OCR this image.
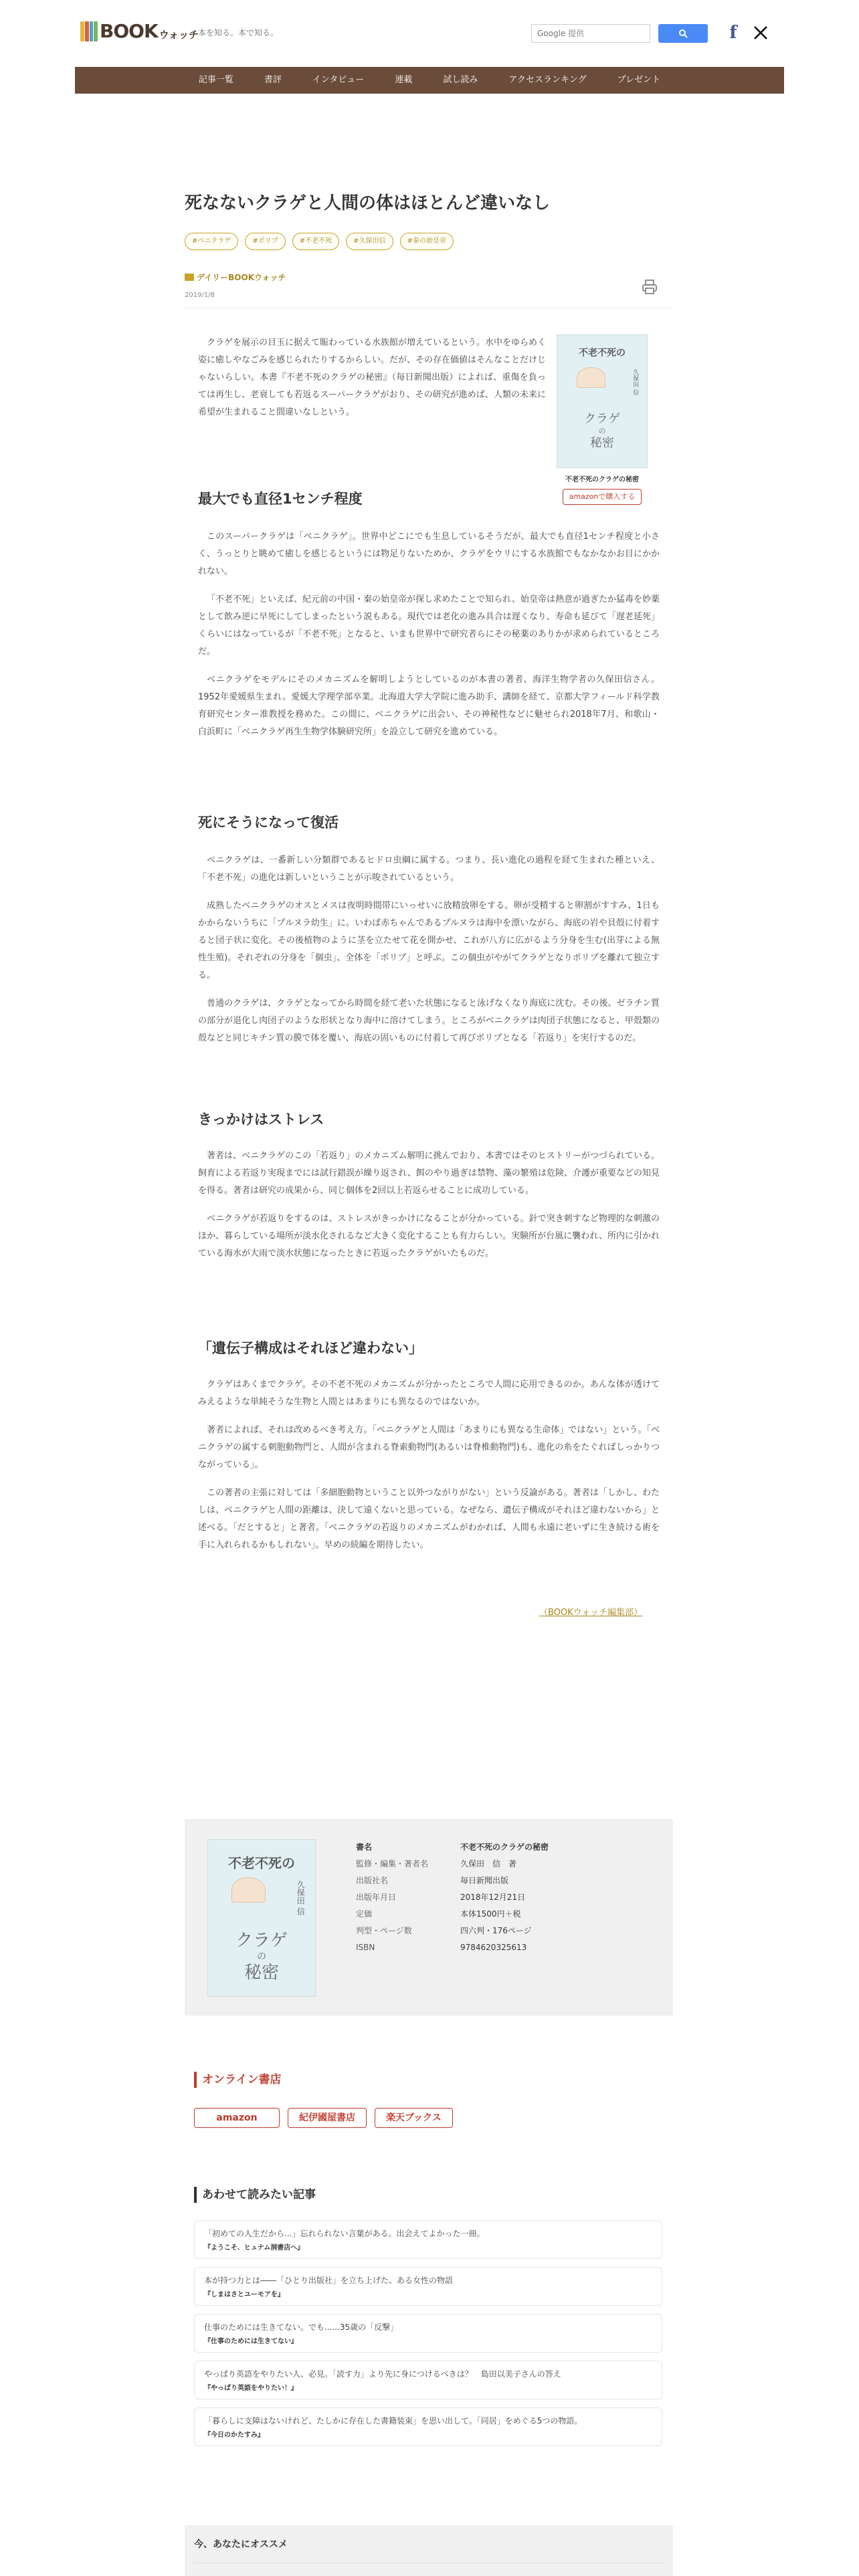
BOOK ウォッチ
本を知る。本で知る。
Google 提供	f
記事一覧	書評	インタビュー	連載	試し読み	アクセスランキング	プレゼント
死なないクラゲと人間の体はほとんど違いなし
#ベニクラゲ	#ポリプ	#不老不死	#久保田信	#秦の始皇帝
デイリーBOOKウォッチ
2019/1/8

クラゲを展示の目玉に据えて賑わっている水族館が増えているという。水中をゆらめく姿に癒しやなごみを感じられたりするからしい。だが、その存在価値はそんなことだけじゃないらしい。本書『不老不死のクラゲの秘密』（毎日新聞出版）によれば、重傷を負っては再生し、老衰しても若返るスーパークラゲがおり、その研究が進めば、人類の未来に希望が生まれること間違いなしという。

不老不死の
久保田 信
クラゲ
の
秘密
不老不死のクラゲの秘密
amazonで購入する
最大でも直径1センチ程度

このスーパークラゲは「ベニクラゲ」。世界中どこにでも生息しているそうだが、最大でも直径1センチ程度と小さく、うっとりと眺めて癒しを感じるというには物足りないためか、クラゲをウリにする水族館でもなかなかお目にかかれない。

「不老不死」といえば、紀元前の中国・秦の始皇帝が探し求めたことで知られ、始皇帝は熱意が過ぎたか猛毒を妙薬として飲み逆に早死にしてしまったという説もある。現代では老化の進み具合は遅くなり、寿命も延びて「遅老延死」くらいにはなっているが「不老不死」となると、いまも世界中で研究者らにその秘薬のありかが求められているところだ。

ベニクラゲをモデルにそのメカニズムを解明しようとしているのが本書の著者、海洋生物学者の久保田信さん。1952年愛媛県生まれ。愛媛大学理学部卒業。北海道大学大学院に進み助手、講師を経て、京都大学フィールド科学教育研究センター准教授を務めた。この間に、ベニクラゲに出会い、その神秘性などに魅せられ2018年7月、和歌山・白浜町に「ベニクラゲ再生生物学体験研究所」を設立して研究を進めている。

死にそうになって復活

ベニクラゲは、一番新しい分類群であるヒドロ虫綱に属する。つまり、長い進化の過程を経て生まれた種といえ、「不老不死」の進化は新しいということが示唆されているという。

成熟したベニクラゲのオスとメスは夜明時間帯にいっせいに放精放卵をする。卵が受精すると卵割がすすみ、1日もかからないうちに「プルヌラ幼生」に。いわば赤ちゃんであるプルヌラは海中を漂いながら、海底の岩や貝殻に付着すると団子状に変化。その後植物のように茎を立たせて花を開かせ、これが八方に広がるよう分身を生む(出芽による無性生殖)。それぞれの分身を「個虫」、全体を「ポリプ」と呼ぶ。この個虫がやがてクラゲとなりポリプを離れて独立する。

普通のクラゲは、クラゲとなってから時間を経て老いた状態になると泳げなくなり海底に沈む。その後、ゼラチン質の部分が退化し肉団子のような形状となり海中に溶けてしまう。ところがベニクラゲは肉団子状態になると、甲殻類の殻などと同じキチン質の膜で体を覆い、海底の固いものに付着して再びポリプとなる「若返り」を実行するのだ。

きっかけはストレス

著者は、ベニクラゲのこの「若返り」のメカニズム解明に挑んでおり、本書ではそのヒストリーがつづられている。飼育による若返り実現までには試行錯誤が繰り返され、餌のやり過ぎは禁物、藻の繁殖は危険、介護が重要などの知見を得る。著者は研究の成果から、同じ個体を2回以上若返らせることに成功している。

ベニクラゲが若返りをするのは、ストレスがきっかけになることが分かっている。針で突き刺すなど物理的な刺激のほか、暮らしている場所が淡水化されるなど大きく変化することも有力らしい。実験所が台風に襲われ、所内に引かれている海水が大雨で淡水状態になったときに若返ったクラゲがいたものだ。

「遺伝子構成はそれほど違わない」

クラゲはあくまでクラゲ。その不老不死のメカニズムが分かったところで人間に応用できるのか。あんな体が透けてみえるような単純そうな生物と人間とはあまりにも異なるのではないか。

著者によれば、それは改めるべき考え方。「ベニクラゲと人間は「あまりにも異なる生命体」ではない」という。「ベニクラゲの属する刺胞動物門と、人間が含まれる脊索動物門(あるいは脊椎動物門)も、進化の糸をたぐればしっかりつながっている」。

この著者の主張に対しては「多細胞動物ということ以外つながりがない」という反論がある。著者は「しかし、わたしは、ベニクラゲと人間の距離は、決して遠くないと思っている。なぜなら、遺伝子構成がそれほど違わないから」と述べる。「だとすると」と著者。「ベニクラゲの若返りのメカニズムがわかれば、人間も永遠に老いずに生き続ける術を手に入れられるかもしれない」。早めの続編を期待したい。

（BOOKウォッチ編集部）
不老不死の
久保田 信
クラゲ
の
秘密
書名	不老不死のクラゲの秘密
監修・編集・著者名	久保田　信　著
出版社名	毎日新聞出版
出版年月日	2018年12月21日
定価	本体1500円＋税
判型・ページ数	四六判・176ページ
ISBN	9784620325613
オンライン書店
amazon	紀伊國屋書店	楽天ブックス
あわせて読みたい記事
「初めての人生だから...」忘れられない言葉がある。出会えてよかった一冊。
『ようこそ、ヒュナム洞書店へ』
本が持つ力とは――「ひとり出版社」を立ち上げた、ある女性の物語
『しまはさとユーモアを』
仕事のためには生きてない。でも......35歳の「反撃」
『仕事のためには生きてない』
やっぱり英語をやりたい人、必見。「読す力」より先に身につけるべきは？　島田以美子さんの答え
『やっぱり英語をやりたい！』
「暮らしに支障はないけれど、たしかに存在した書籍装束」を思い出して。「同居」をめぐる5つの物語。
『今日のかたすみ』
今、あなたにオススメ
